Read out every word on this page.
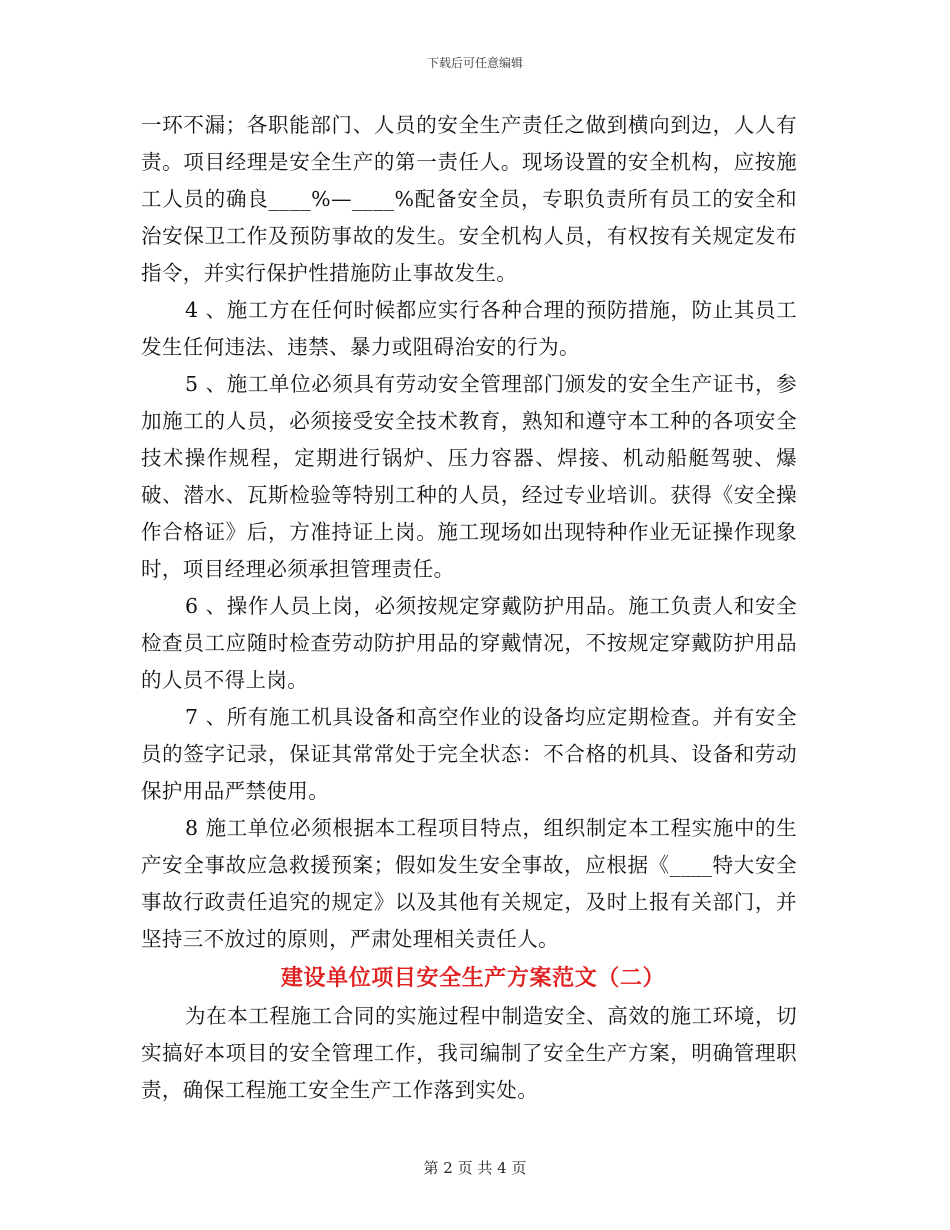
下载后可任意编辑

一环不漏；各职能部门、人员的安全生产责任之做到横向到边，人人有责。项目经理是安全生产的第一责任人。现场设置的安全机构，应按施工人员的确良____%—____%配备安全员，专职负责所有员工的安全和治安保卫工作及预防事故的发生。安全机构人员，有权按有关规定发布指令，并实行保护性措施防止事故发生。

4 、施工方在任何时候都应实行各种合理的预防措施，防止其员工发生任何违法、违禁、暴力或阻碍治安的行为。

5 、施工单位必须具有劳动安全管理部门颁发的安全生产证书，参加施工的人员，必须接受安全技术教育，熟知和遵守本工种的各项安全技术操作规程，定期进行锅炉、压力容器、焊接、机动船艇驾驶、爆破、潜水、瓦斯检验等特别工种的人员，经过专业培训。获得《安全操作合格证》后，方准持证上岗。施工现场如出现特种作业无证操作现象时，项目经理必须承担管理责任。

6 、操作人员上岗，必须按规定穿戴防护用品。施工负责人和安全检查员工应随时检查劳动防护用品的穿戴情况，不按规定穿戴防护用品的人员不得上岗。

7 、所有施工机具设备和高空作业的设备均应定期检查。并有安全员的签字记录，保证其常常处于完全状态：不合格的机具、设备和劳动保护用品严禁使用。

8 施工单位必须根据本工程项目特点，组织制定本工程实施中的生产安全事故应急救援预案；假如发生安全事故，应根据《____特大安全事故行政责任追究的规定》以及其他有关规定，及时上报有关部门，并坚持三不放过的原则，严肃处理相关责任人。

建设单位项目安全生产方案范文（二）

为在本工程施工合同的实施过程中制造安全、高效的施工环境，切实搞好本项目的安全管理工作，我司编制了安全生产方案，明确管理职责，确保工程施工安全生产工作落到实处。

第 2 页 共 4 页
